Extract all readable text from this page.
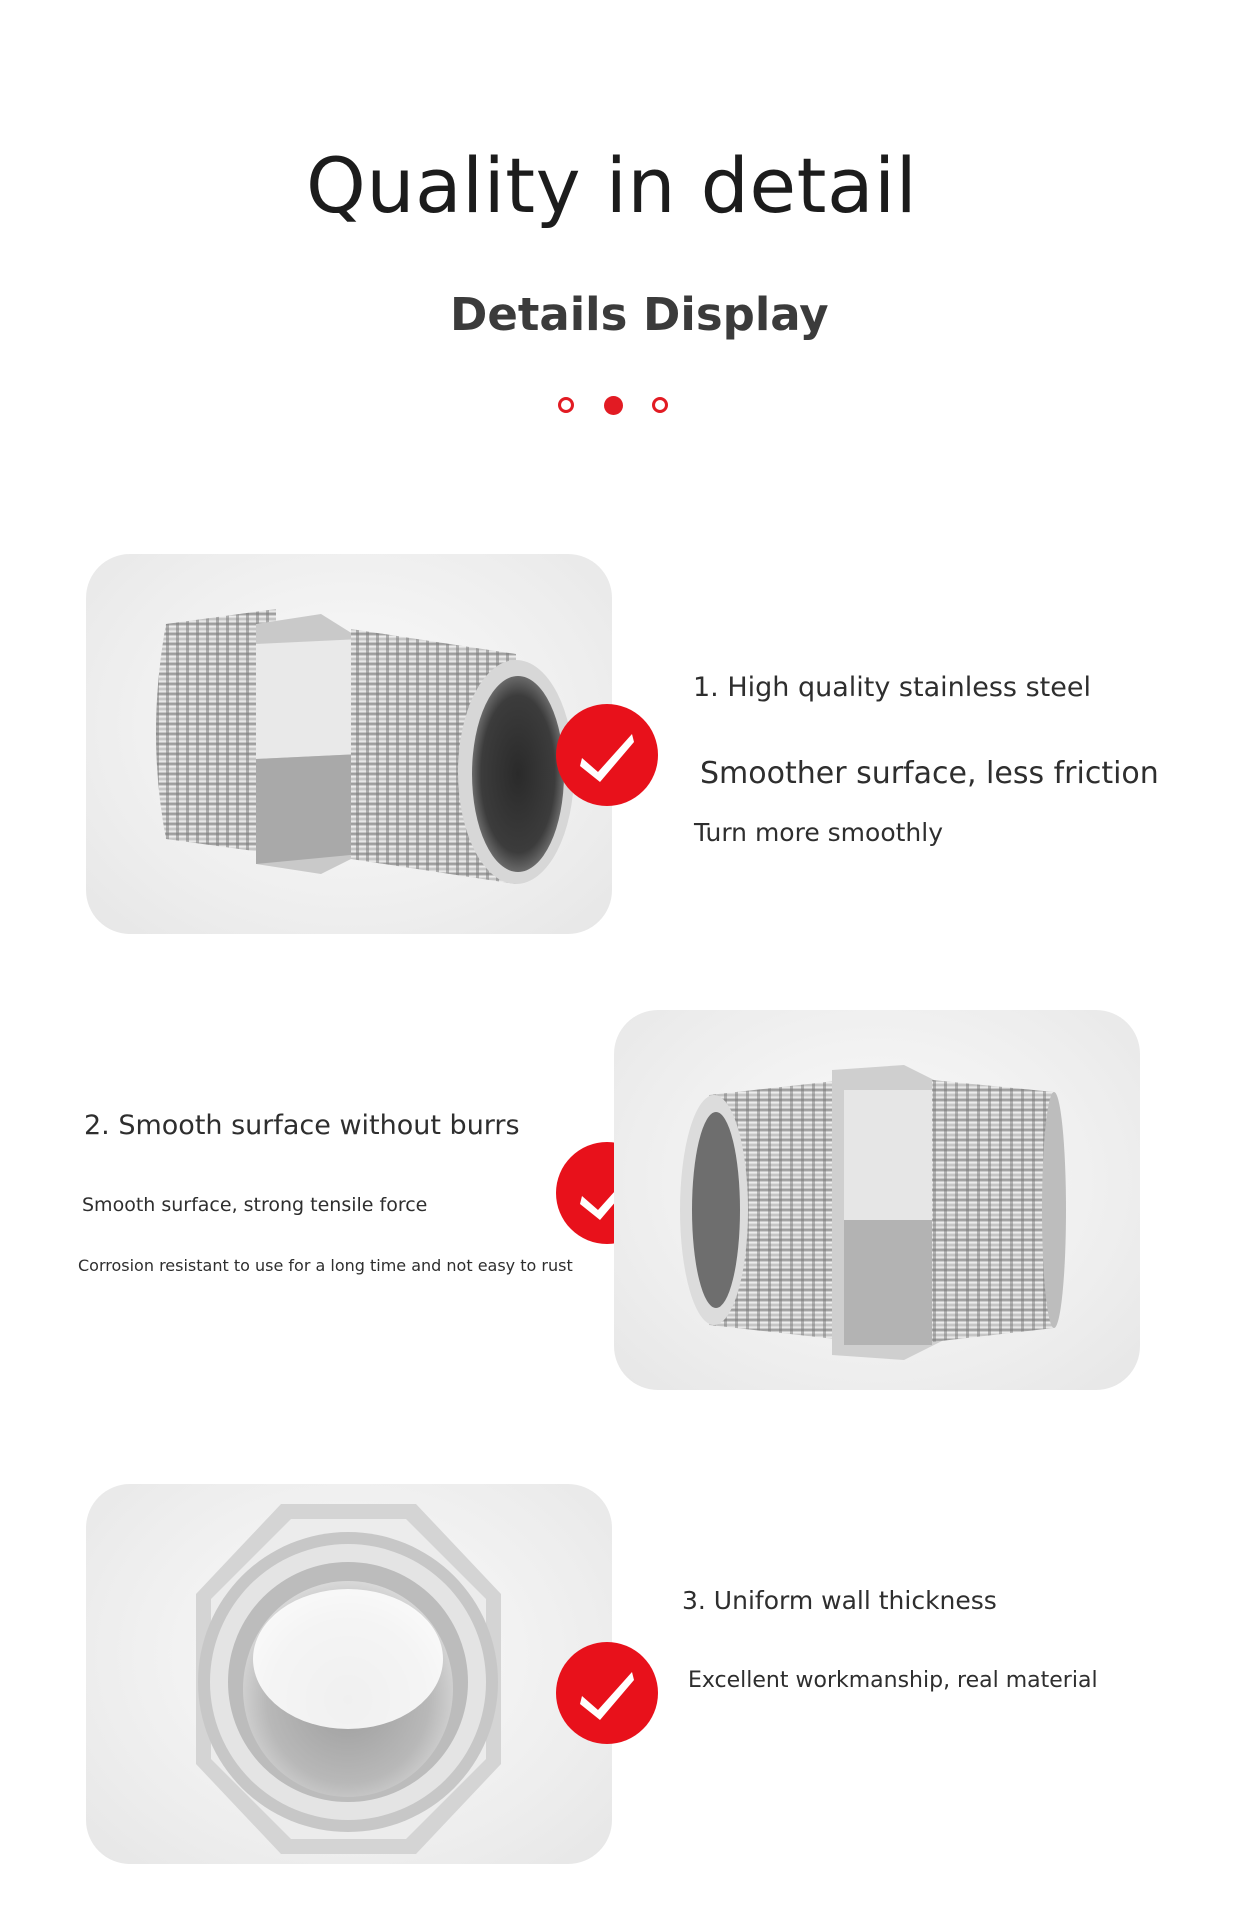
Quality in detail
Details Display
1. High quality stainless steel
Smoother surface, less friction
Turn more smoothly
2. Smooth surface without burrs
Smooth surface, strong tensile force
Corrosion resistant to use for a long time and not easy to rust
3. Uniform wall thickness
Excellent workmanship, real material
